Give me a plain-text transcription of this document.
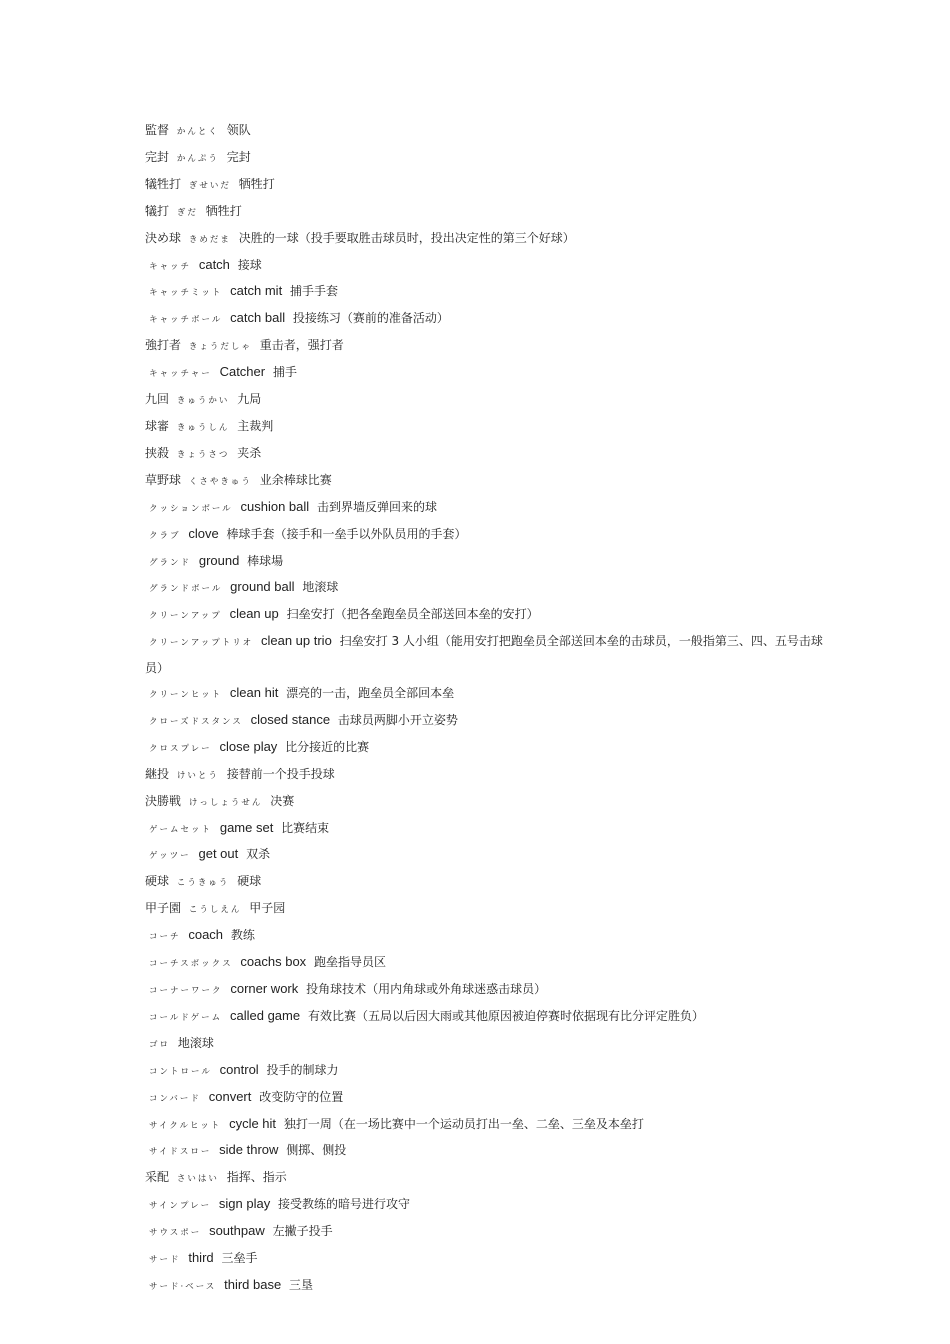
監督 かんとく 领队
完封 かんぷう 完封
犠牲打 ぎせいだ 牺牲打
犠打 ぎだ 牺牲打
決め球 きめだま 决胜的一球（投手要取胜击球员时，投出决定性的第三个好球）
キャッチ catch 接球
キャッチミット catch mit 捕手手套
キャッチボール catch ball 投接练习（赛前的准备活动）
強打者 きょうだしゃ 重击者，强打者
キャッチャー Catcher 捕手
九回 きゅうかい 九局
球審 きゅうしん 主裁判
挟殺 きょうさつ 夹杀
草野球 くさやきゅう 业余棒球比赛
クッションボール cushion ball 击到界墙反弹回来的球
クラブ clove 棒球手套（接手和一垒手以外队员用的手套）
グランド ground 棒球場
グランドボール ground ball 地滚球
クリーンアップ clean up 扫垒安打（把各垒跑垒员全部送回本垒的安打）
クリーンアップトリオ clean up trio 扫垒安打 3 人小组（能用安打把跑垒员全部送回本垒的击球员，一般指第三、四、五号击球员）
クリーンヒット clean hit 漂亮的一击，跑垒员全部回本垒
クローズドスタンス closed stance 击球员两脚小开立姿势
クロスプレー close play 比分接近的比赛
継投 けいとう 接替前一个投手投球
決勝戦 けっしょうせん 决赛
ゲームセット game set 比赛结束
ゲッツー get out 双杀
硬球 こうきゅう 硬球
甲子園 こうしえん 甲子园
コーチ coach 教练
コーチスボックス coachs box 跑垒指导员区
コーナーワーク corner work 投角球技术（用内角球或外角球迷惑击球员）
コールドゲーム called game 有效比赛（五局以后因大雨或其他原因被迫停赛时依据现有比分评定胜负）
ゴロ 地滚球
コントロール control 投手的制球力
コンバード convert 改变防守的位置
サイクルヒット cycle hit 独打一周（在一场比赛中一个运动员打出一垒、二垒、三垒及本垒打
サイドスロー side throw 侧掷、侧投
采配 さいはい 指挥、指示
サインプレー sign play 接受教练的暗号进行攻守
サウスポー southpaw 左撇子投手
サード third 三垒手
サード·ベース third base 三垦
